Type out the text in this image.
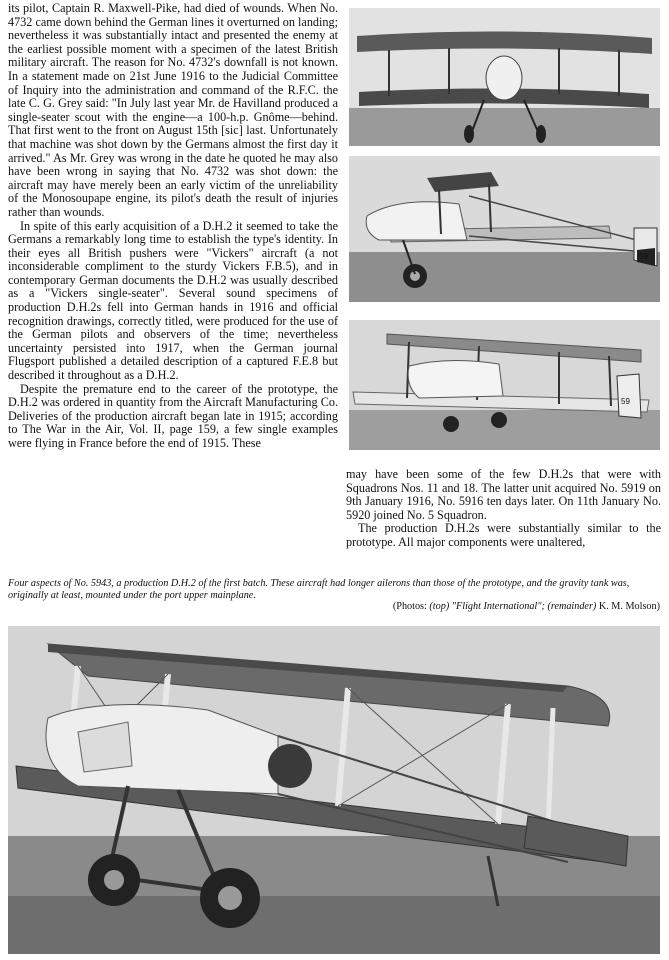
its pilot, Captain R. Maxwell-Pike, had died of wounds. When No. 4732 came down behind the German lines it overturned on landing; nevertheless it was substantially intact and presented the enemy at the earliest possible moment with a specimen of the latest British military aircraft. The reason for No. 4732's downfall is not known. In a statement made on 21st June 1916 to the Judicial Committee of Inquiry into the administration and command of the R.F.C. the late C. G. Grey said: "In July last year Mr. de Havilland produced a single-seater scout with the engine—a 100-h.p. Gnôme—behind. That first went to the front on August 15th [sic] last. Unfortunately that machine was shot down by the Germans almost the first day it arrived." As Mr. Grey was wrong in the date he quoted he may also have been wrong in saying that No. 4732 was shot down: the aircraft may have merely been an early victim of the unreliability of the Monosoupape engine, its pilot's death the result of injuries rather than wounds.

In spite of this early acquisition of a D.H.2 it seemed to take the Germans a remarkably long time to establish the type's identity. In their eyes all British pushers were "Vickers" aircraft (a not inconsiderable compliment to the sturdy Vickers F.B.5), and in contemporary German documents the D.H.2 was usually described as a "Vickers single-seater". Several sound specimens of production D.H.2s fell into German hands in 1916 and official recognition drawings, correctly titled, were produced for the use of the German pilots and observers of the time; nevertheless uncertainty persisted into 1917, when the German journal Flugsport published a detailed description of a captured F.E.8 but described it throughout as a D.H.2.

Despite the premature end to the career of the prototype, the D.H.2 was ordered in quantity from the Aircraft Manufacturing Co. Deliveries of the production aircraft began late in 1915; according to The War in the Air, Vol. II, page 159, a few single examples were flying in France before the end of 1915. These

59
59

may have been some of the few D.H.2s that were with Squadrons Nos. 11 and 18. The latter unit acquired No. 5919 on 9th January 1916, No. 5916 ten days later. On 11th January No. 5920 joined No. 5 Squadron.

The production D.H.2s were substantially similar to the prototype. All major components were unaltered,

Four aspects of No. 5943, a production D.H.2 of the first batch. These aircraft had longer ailerons than those of the prototype, and the gravity tank was, originally at least, mounted under the port upper mainplane.
(Photos: (top) "Flight International"; (remainder) K. M. Molson)
